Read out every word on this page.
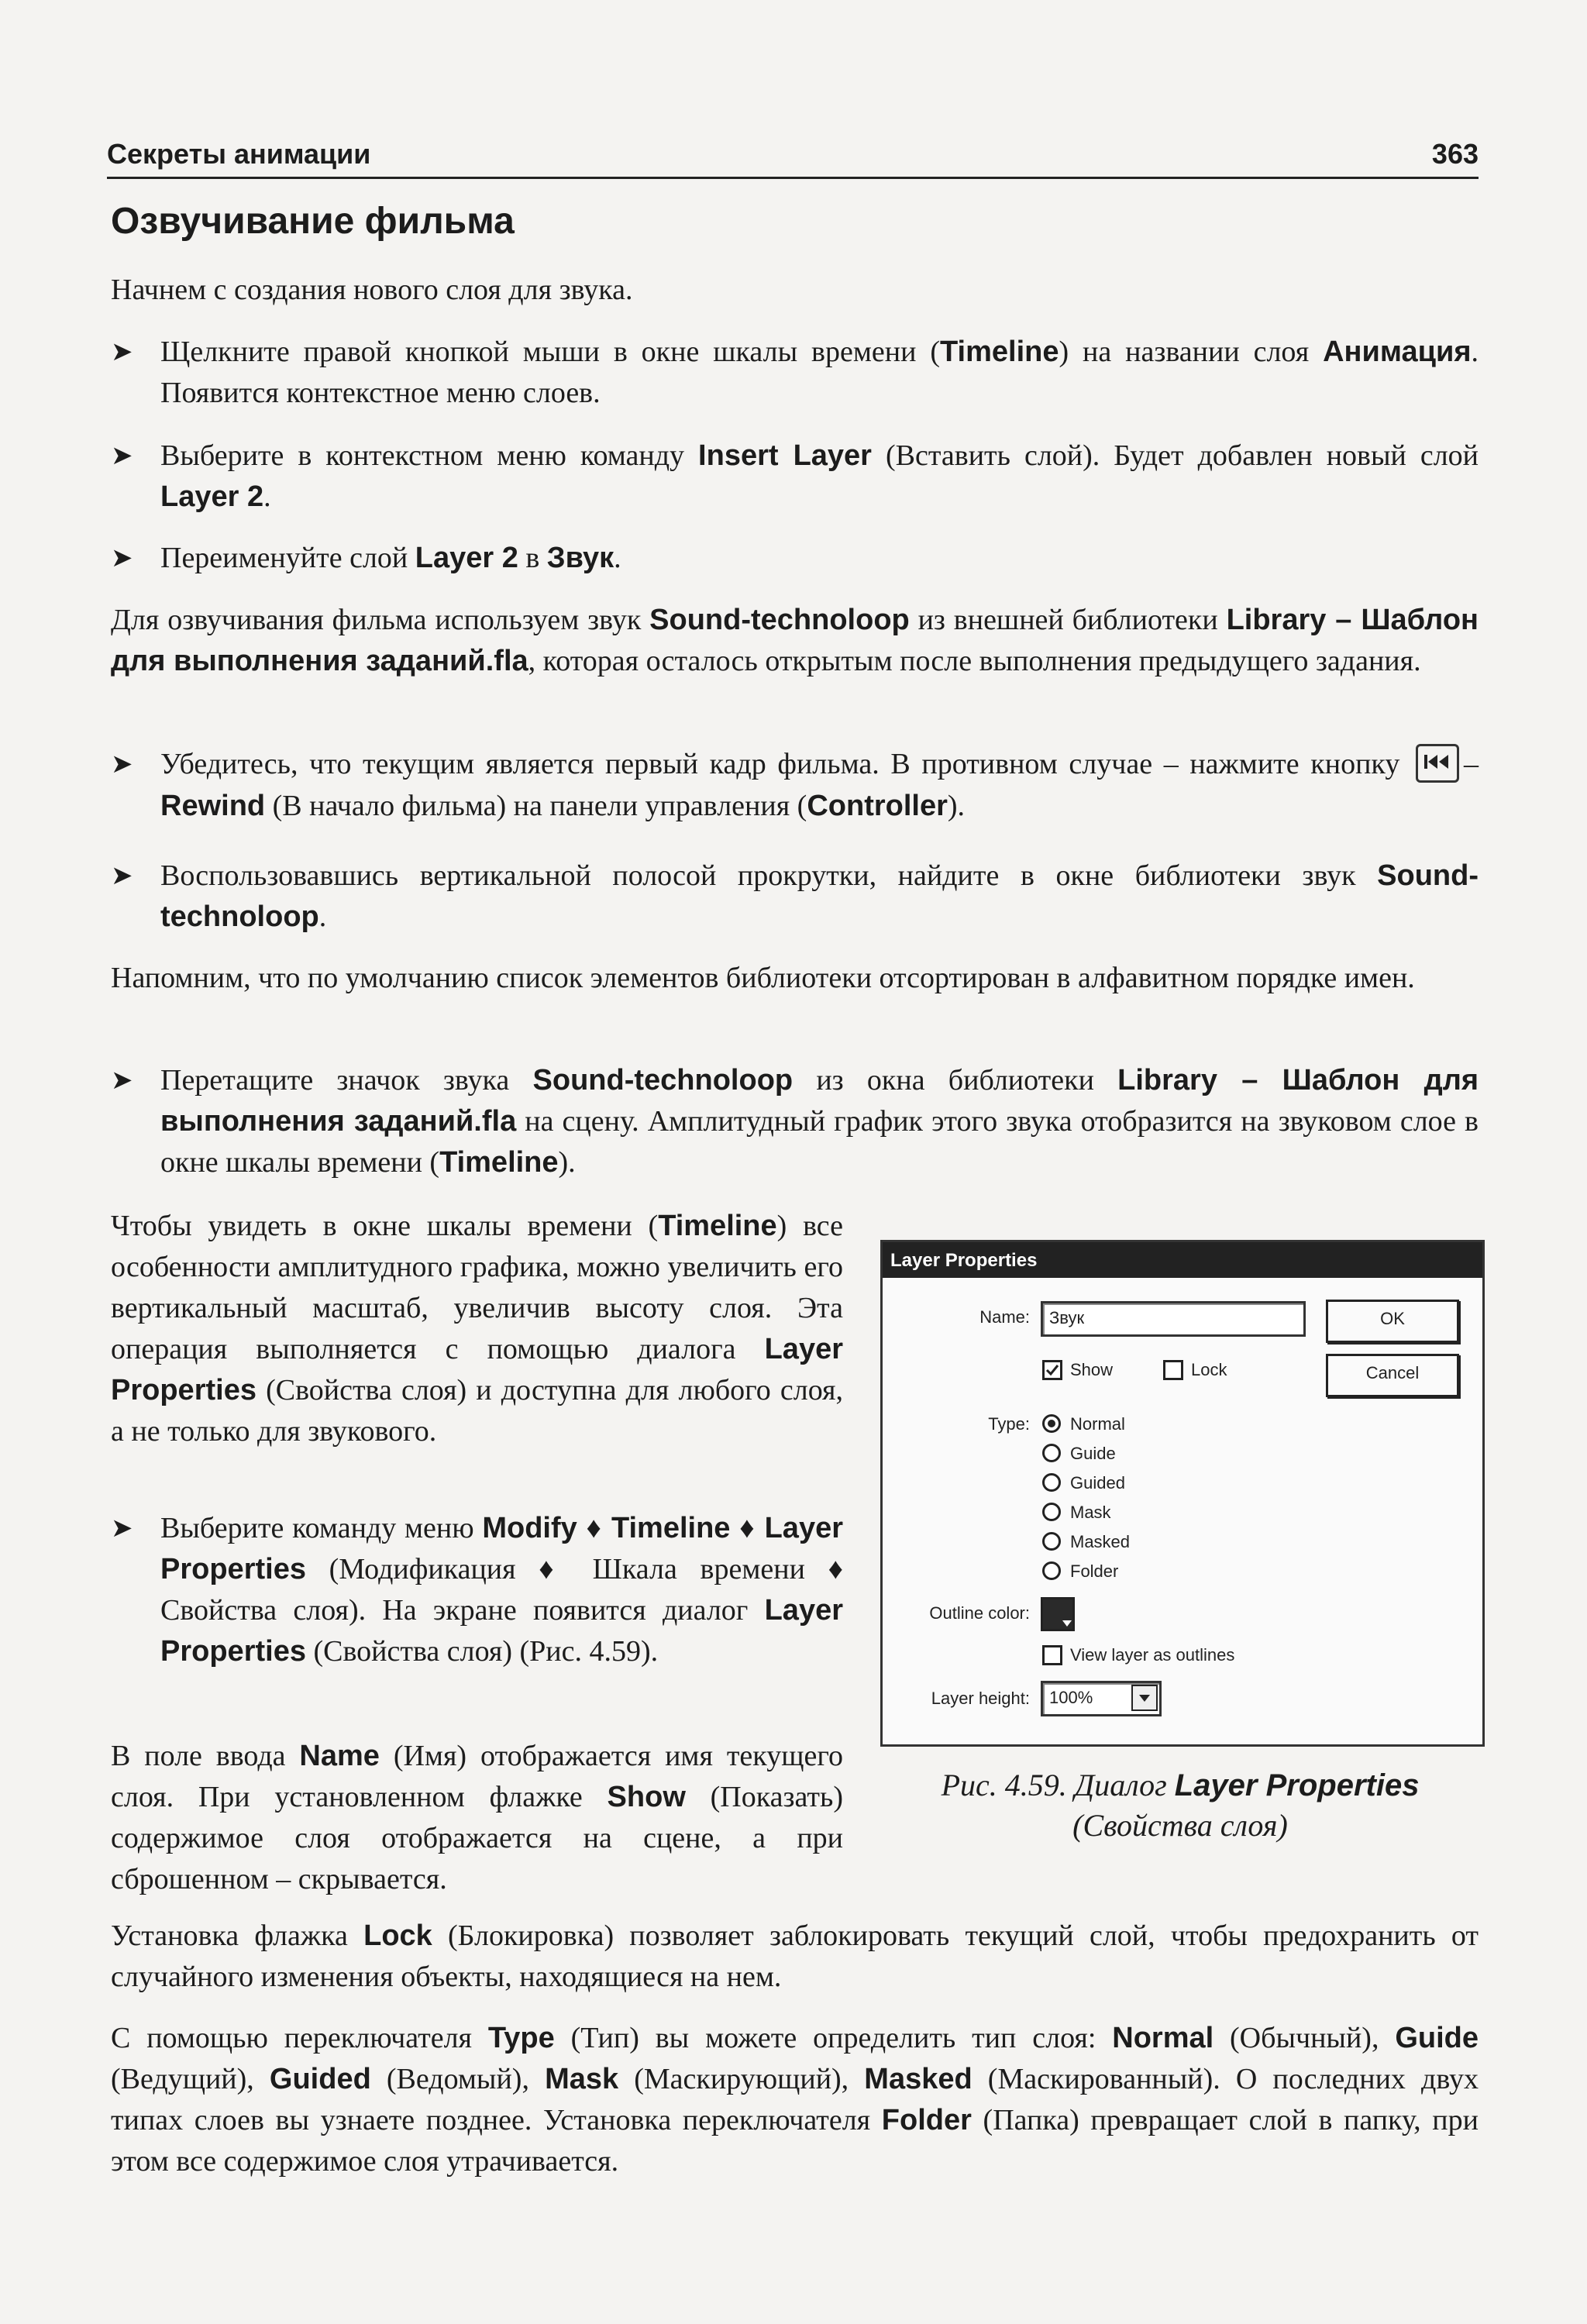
Секреты анимации	363
Озвучивание фильма
Начнем с создания нового слоя для звука.
➤ Щелкните правой кнопкой мыши в окне шкалы времени (Timeline) на названии слоя Анимация. Появится контекстное меню слоев.
➤ Выберите в контекстном меню команду Insert Layer (Вставить слой). Будет добавлен новый слой Layer 2.
➤ Переименуйте слой Layer 2 в Звук.
Для озвучивания фильма используем звук Sound-technoloop из внешней библиотеки Library – Шаблон для выполнения заданий.fla, которая осталось открытым после выполнения предыдущего задания.
➤ Убедитесь, что текущим является первый кадр фильма. В противном случае – нажмите кнопку – Rewind (В начало фильма) на панели управления (Controller).
➤ Воспользовавшись вертикальной полосой прокрутки, найдите в окне библиотеки звук Sound-technoloop.
Напомним, что по умолчанию список элементов библиотеки отсортирован в алфавитном порядке имен.
➤ Перетащите значок звука Sound-technoloop из окна библиотеки Library – Шаблон для выполнения заданий.fla на сцену. Амплитудный график этого звука отобразится на звуковом слое в окне шкалы времени (Timeline).
Чтобы увидеть в окне шкалы времени (Timeline) все особенности амплитудного графика, можно увеличить его вертикальный масштаб, увеличив высоту слоя. Эта операция выполняется с помощью диалога Layer Properties (Свойства слоя) и доступна для любого слоя, а не только для звукового.
➤ Выберите команду меню Modify ♦ Timeline ♦ Layer Properties (Модификация ♦ Шкала времени ♦ Свойства слоя). На экране появится диалог Layer Properties (Свойства слоя) (Рис. 4.59).
В поле ввода Name (Имя) отображается имя текущего слоя. При установленном флажке Show (Показать) содержимое слоя отображается на сцене, а при сброшенном – скрывается.
Установка флажка Lock (Блокировка) позволяет заблокировать текущий слой, чтобы предохранить от случайного изменения объекты, находящиеся на нем.
С помощью переключателя Type (Тип) вы можете определить тип слоя: Normal (Обычный), Guide (Ведущий), Guided (Ведомый), Mask (Маскирующий), Masked (Маскированный). О последних двух типах слоев вы узнаете позднее. Установка переключателя Folder (Папка) превращает слой в папку, при этом все содержимое слоя утрачивается.
Layer Properties
Name: Звук	OK
Cancel
Show	Lock
Type: Normal
Guide
Guided
Mask
Masked
Folder
Outline color:
View layer as outlines
Layer height: 100%
Рис. 4.59. Диалог Layer Properties
(Свойства слоя)
